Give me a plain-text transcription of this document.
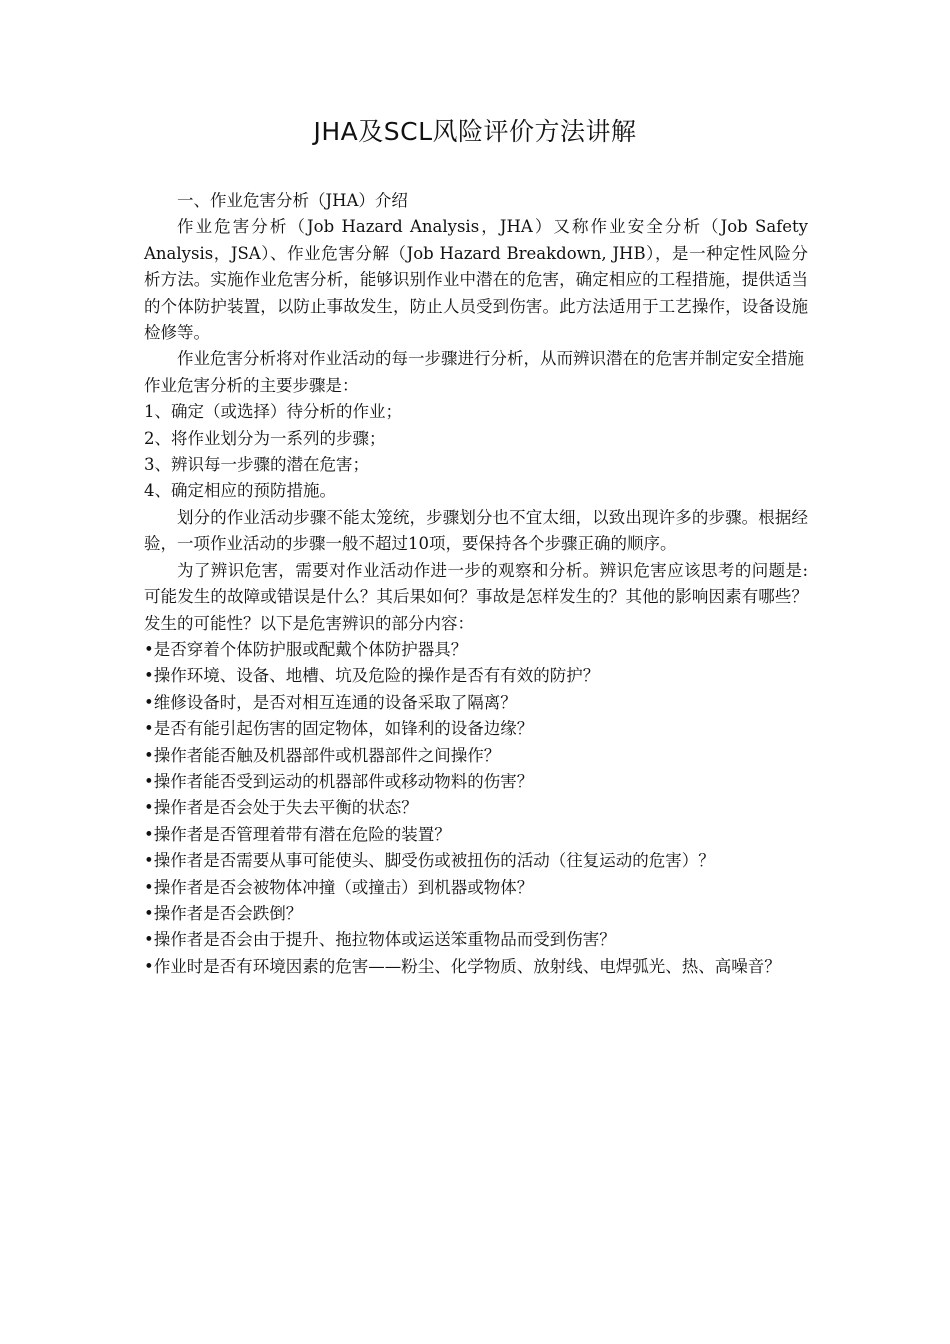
JHA及SCL风险评价方法讲解

一、作业危害分析（JHA）介绍

作业危害分析（Job Hazard Analysis，JHA）又称作业安全分析（Job Safety Analysis，JSA）、作业危害分解（Job Hazard Breakdown, JHB），是一种定性风险分析方法。实施作业危害分析，能够识别作业中潜在的危害，确定相应的工程措施，提供适当的个体防护装置，以防止事故发生，防止人员受到伤害。此方法适用于工艺操作，设备设施检修等。

作业危害分析将对作业活动的每一步骤进行分析，从而辨识潜在的危害并制定安全措施

作业危害分析的主要步骤是：

1、确定（或选择）待分析的作业；
2、将作业划分为一系列的步骤；
3、辨识每一步骤的潜在危害；
4、确定相应的预防措施。

划分的作业活动步骤不能太笼统，步骤划分也不宜太细，以致出现许多的步骤。根据经验，一项作业活动的步骤一般不超过10项，要保持各个步骤正确的顺序。

为了辨识危害，需要对作业活动作进一步的观察和分析。辨识危害应该思考的问题是:可能发生的故障或错误是什么？其后果如何？事故是怎样发生的？其他的影响因素有哪些？发生的可能性？以下是危害辨识的部分内容：

•是否穿着个体防护服或配戴个体防护器具？
•操作环境、设备、地槽、坑及危险的操作是否有有效的防护？
•维修设备时，是否对相互连通的设备采取了隔离？
•是否有能引起伤害的固定物体，如锋利的设备边缘？
•操作者能否触及机器部件或机器部件之间操作？
•操作者能否受到运动的机器部件或移动物料的伤害？
•操作者是否会处于失去平衡的状态？
•操作者是否管理着带有潜在危险的装置？
•操作者是否需要从事可能使头、脚受伤或被扭伤的活动（往复运动的危害）？
•操作者是否会被物体冲撞（或撞击）到机器或物体？
•操作者是否会跌倒？
•操作者是否会由于提升、拖拉物体或运送笨重物品而受到伤害？
•作业时是否有环境因素的危害——粉尘、化学物质、放射线、电焊弧光、热、高噪音？
